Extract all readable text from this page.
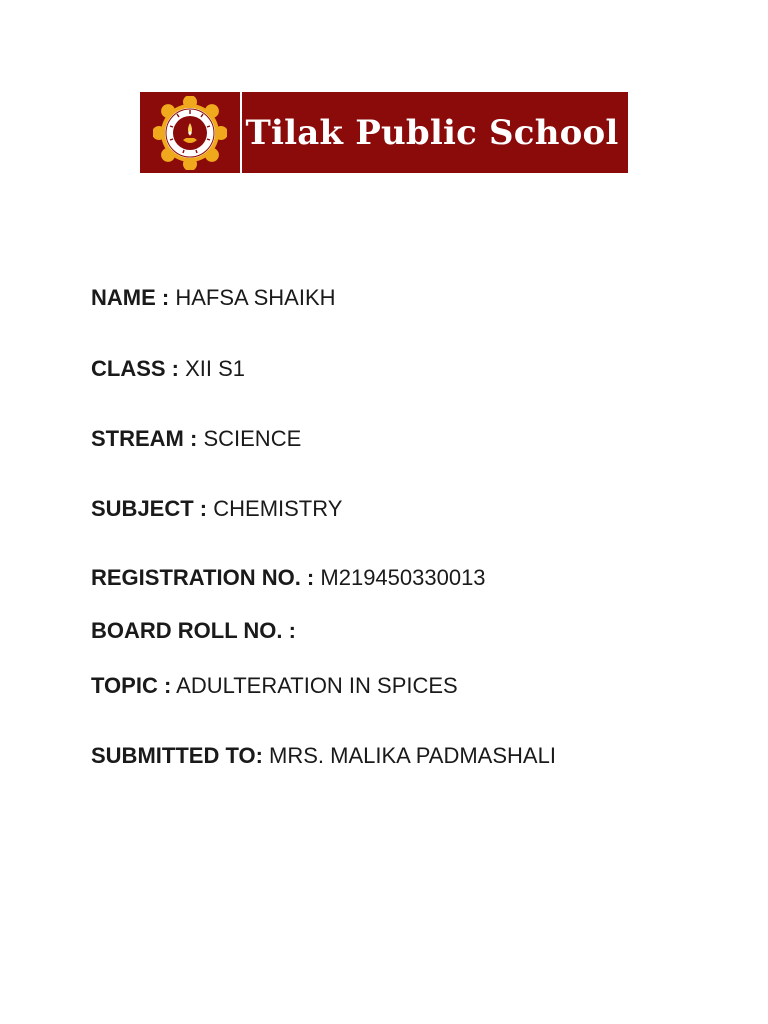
Tilak Public School
NAME : HAFSA SHAIKH
CLASS : XII S1
STREAM : SCIENCE
SUBJECT : CHEMISTRY
REGISTRATION NO. : M219450330013
BOARD ROLL NO. :
TOPIC : ADULTERATION IN SPICES
SUBMITTED TO: MRS. MALIKA PADMASHALI
